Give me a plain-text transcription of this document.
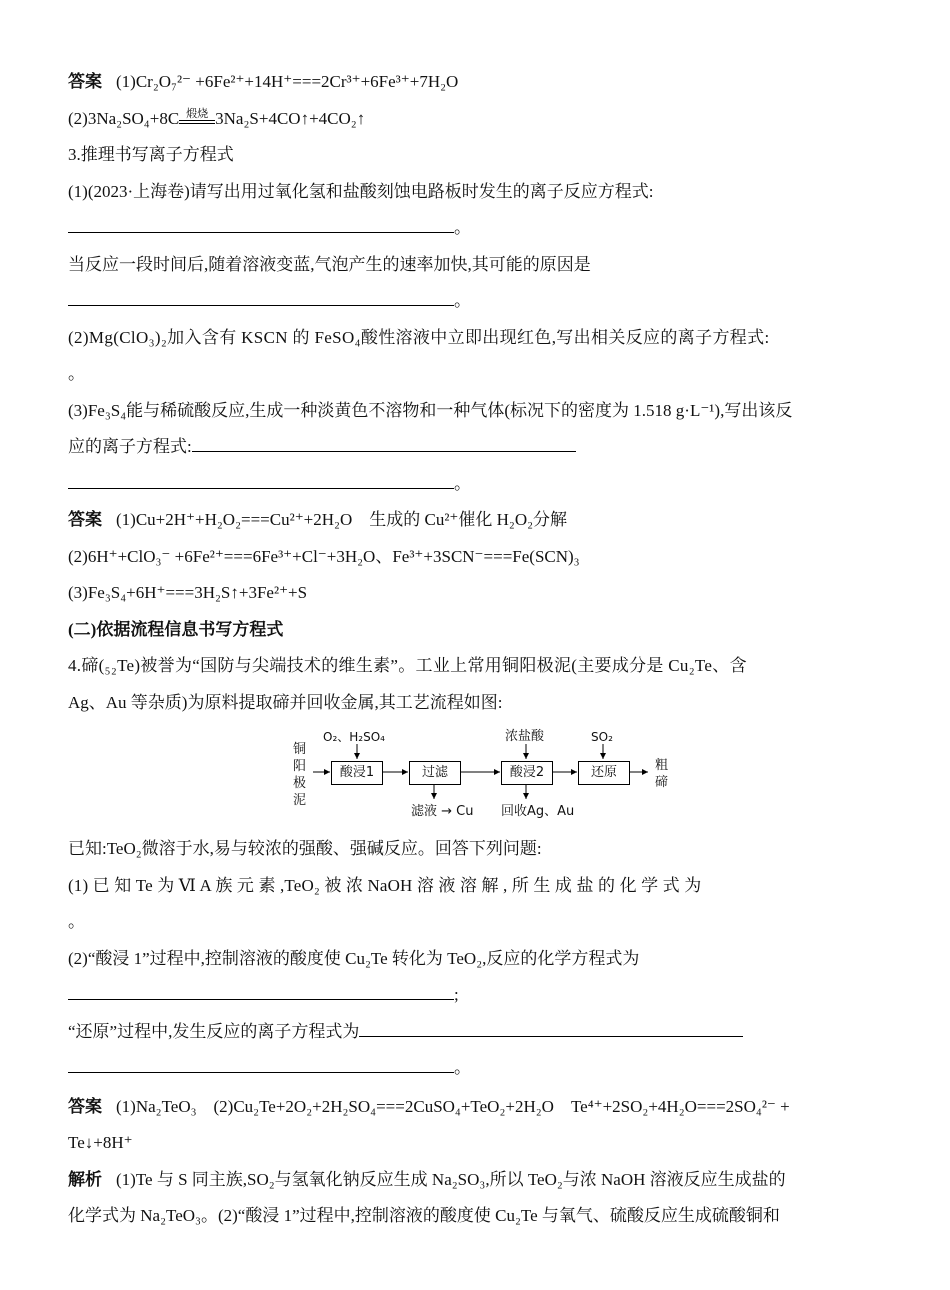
答案 (1)Cr₂O₇²⁻ +6Fe²⁺+14H⁺===2Cr³⁺+6Fe³⁺+7H₂O
(2)3Na₂SO₄+8C 煅烧 3Na₂S+4CO↑+4CO₂↑
3.推理书写离子方程式
(1)(2023·上海卷)请写出用过氧化氢和盐酸刻蚀电路板时发生的离子反应方程式:
。
当反应一段时间后,随着溶液变蓝,气泡产生的速率加快,其可能的原因是
。
(2)Mg(ClO₃)₂加入含有 KSCN 的 FeSO₄酸性溶液中立即出现红色,写出相关反应的离子方程式:
。
(3)Fe₃S₄能与稀硫酸反应,生成一种淡黄色不溶物和一种气体(标况下的密度为 1.518 g·L⁻¹),写出该反
应的离子方程式:
。
答案 (1)Cu+2H⁺+H₂O₂===Cu²⁺+2H₂O　生成的 Cu²⁺催化 H₂O₂分解
(2)6H⁺+ClO₃⁻ +6Fe²⁺===6Fe³⁺+Cl⁻+3H₂O、Fe³⁺+3SCN⁻===Fe(SCN)₃
(3)Fe₃S₄+6H⁺===3H₂S↑+3Fe²⁺+S
(二)依据流程信息书写方程式
4.碲(₅₂Te)被誉为“国防与尖端技术的维生素”。工业上常用铜阳极泥(主要成分是 Cu₂Te、含
Ag、Au 等杂质)为原料提取碲并回收金属,其工艺流程如图:
铜阳极泥
O₂、H₂SO₄
酸浸1	过滤
浓盐酸
酸浸2
SO₂
还原	粗碲
滤液 → Cu 回收Ag、Au
已知:TeO₂微溶于水,易与较浓的强酸、强碱反应。回答下列问题:
(1) 已 知 Te 为 Ⅵ A 族 元 素 ,TeO₂ 被 浓 NaOH 溶 液 溶 解 , 所 生 成 盐 的 化 学 式 为
。
(2)“酸浸 1”过程中,控制溶液的酸度使 Cu₂Te 转化为 TeO₂,反应的化学方程式为
;
“还原”过程中,发生反应的离子方程式为
。
答案 (1)Na₂TeO₃　(2)Cu₂Te+2O₂+2H₂SO₄===2CuSO₄+TeO₂+2H₂O　Te⁴⁺+2SO₂+4H₂O===2SO₄²⁻ +
Te↓+8H⁺
解析 (1)Te 与 S 同主族,SO₂与氢氧化钠反应生成 Na₂SO₃,所以 TeO₂与浓 NaOH 溶液反应生成盐的
化学式为 Na₂TeO₃。(2)“酸浸 1”过程中,控制溶液的酸度使 Cu₂Te 与氧气、硫酸反应生成硫酸铜和
